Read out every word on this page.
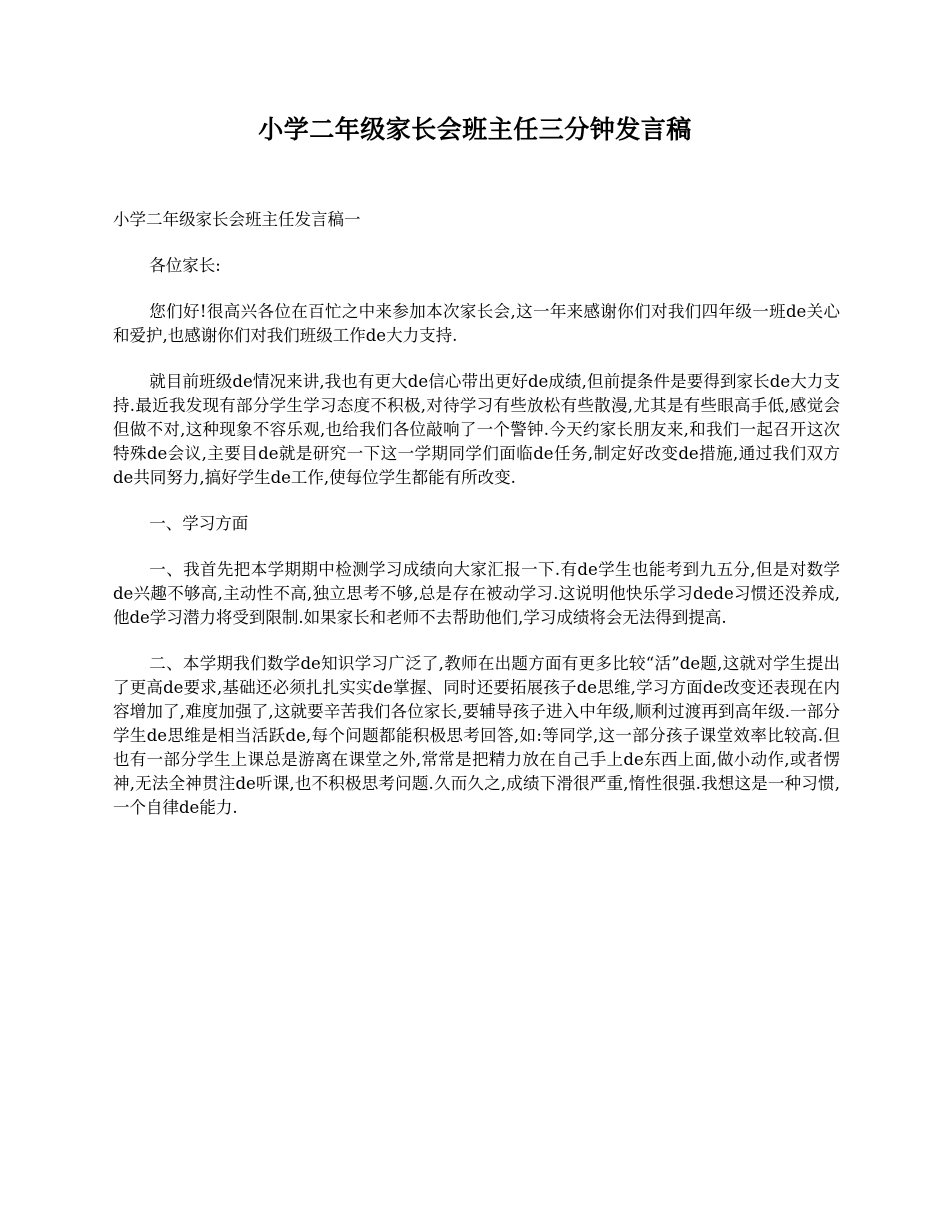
小学二年级家长会班主任三分钟发言稿

小学二年级家长会班主任发言稿一

各位家长:

您们好!很高兴各位在百忙之中来参加本次家长会,这一年来感谢你们对我们四年级一班de关心和爱护,也感谢你们对我们班级工作de大力支持.

就目前班级de情况来讲,我也有更大de信心带出更好de成绩,但前提条件是要得到家长de大力支持.最近我发现有部分学生学习态度不积极,对待学习有些放松有些散漫,尤其是有些眼高手低,感觉会但做不对,这种现象不容乐观,也给我们各位敲响了一个警钟.今天约家长朋友来,和我们一起召开这次特殊de会议,主要目de就是研究一下这一学期同学们面临de任务,制定好改变de措施,通过我们双方de共同努力,搞好学生de工作,使每位学生都能有所改变.

一、学习方面

一、我首先把本学期期中检测学习成绩向大家汇报一下.有de学生也能考到九五分,但是对数学de兴趣不够高,主动性不高,独立思考不够,总是存在被动学习.这说明他快乐学习dede习惯还没养成,他de学习潜力将受到限制.如果家长和老师不去帮助他们,学习成绩将会无法得到提高.

二、本学期我们数学de知识学习广泛了,教师在出题方面有更多比较“活”de题,这就对学生提出了更高de要求,基础还必须扎扎实实de掌握、同时还要拓展孩子de思维,学习方面de改变还表现在内容增加了,难度加强了,这就要辛苦我们各位家长,要辅导孩子进入中年级,顺利过渡再到高年级.一部分学生de思维是相当活跃de,每个问题都能积极思考回答,如:等同学,这一部分孩子课堂效率比较高.但也有一部分学生上课总是游离在课堂之外,常常是把精力放在自己手上de东西上面,做小动作,或者愣神,无法全神贯注de听课,也不积极思考问题.久而久之,成绩下滑很严重,惰性很强.我想这是一种习惯,一个自律de能力.
